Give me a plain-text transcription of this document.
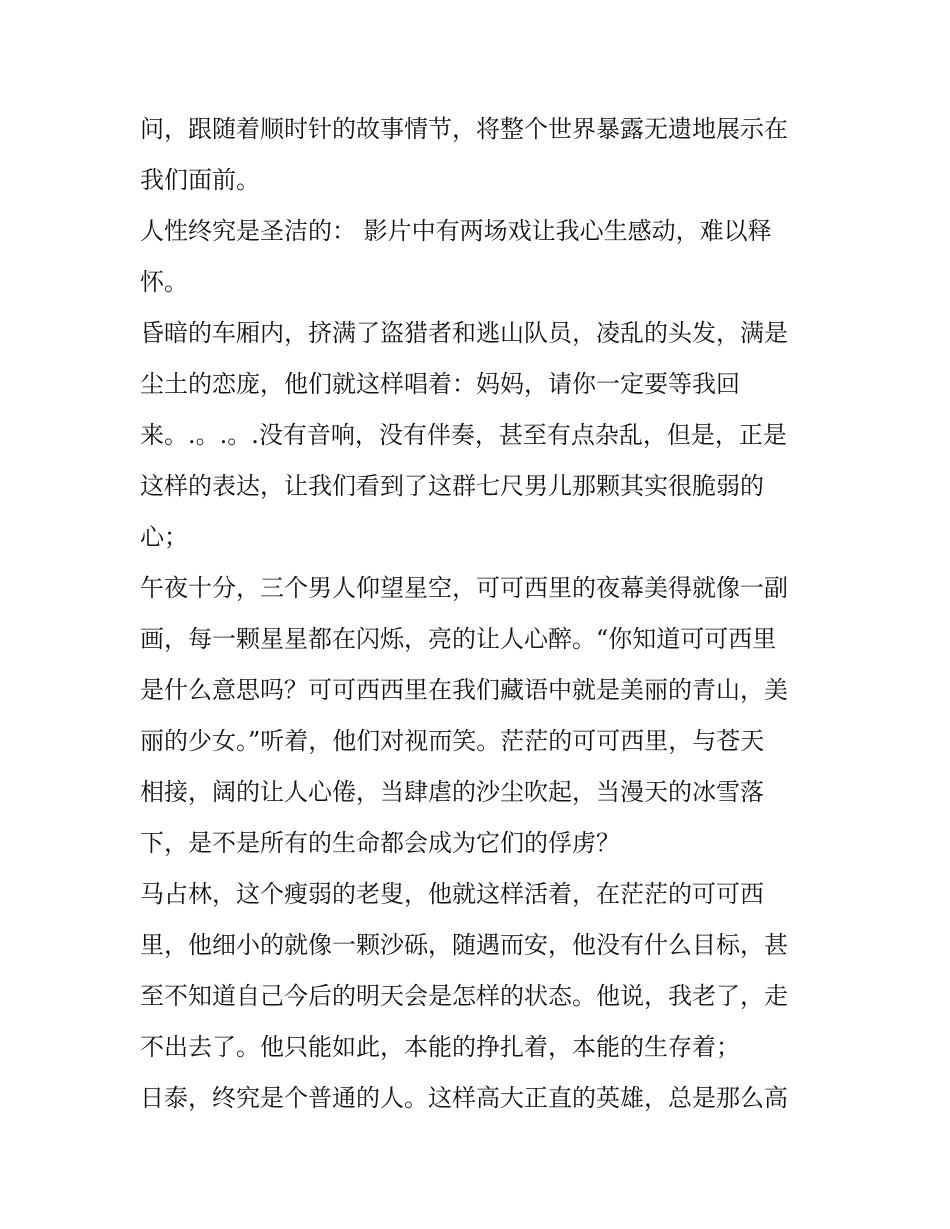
问，跟随着顺时针的故事情节，将整个世界暴露无遗地展示在
我们面前。
人性终究是圣洁的： 影片中有两场戏让我心生感动，难以释
怀。
昏暗的车厢内，挤满了盗猎者和逃山队员，凌乱的头发，满是
尘土的恋庞，他们就这样唱着：妈妈，请你一定要等我回
来。.。.。.没有音响，没有伴奏，甚至有点杂乱，但是，正是
这样的表达，让我们看到了这群七尺男儿那颗其实很脆弱的
心；
午夜十分，三个男人仰望星空，可可西里的夜幕美得就像一副
画，每一颗星星都在闪烁，亮的让人心醉。“你知道可可西里
是什么意思吗？可可西西里在我们藏语中就是美丽的青山，美
丽的少女。”听着，他们对视而笑。茫茫的可可西里，与苍天
相接，阔的让人心倦，当肆虐的沙尘吹起，当漫天的冰雪落
下，是不是所有的生命都会成为它们的俘虏？
马占林，这个瘦弱的老叟，他就这样活着，在茫茫的可可西
里，他细小的就像一颗沙砾，随遇而安，他没有什么目标，甚
至不知道自己今后的明天会是怎样的状态。他说，我老了，走
不出去了。他只能如此，本能的挣扎着，本能的生存着；
日泰，终究是个普通的人。这样高大正直的英雄，总是那么高
